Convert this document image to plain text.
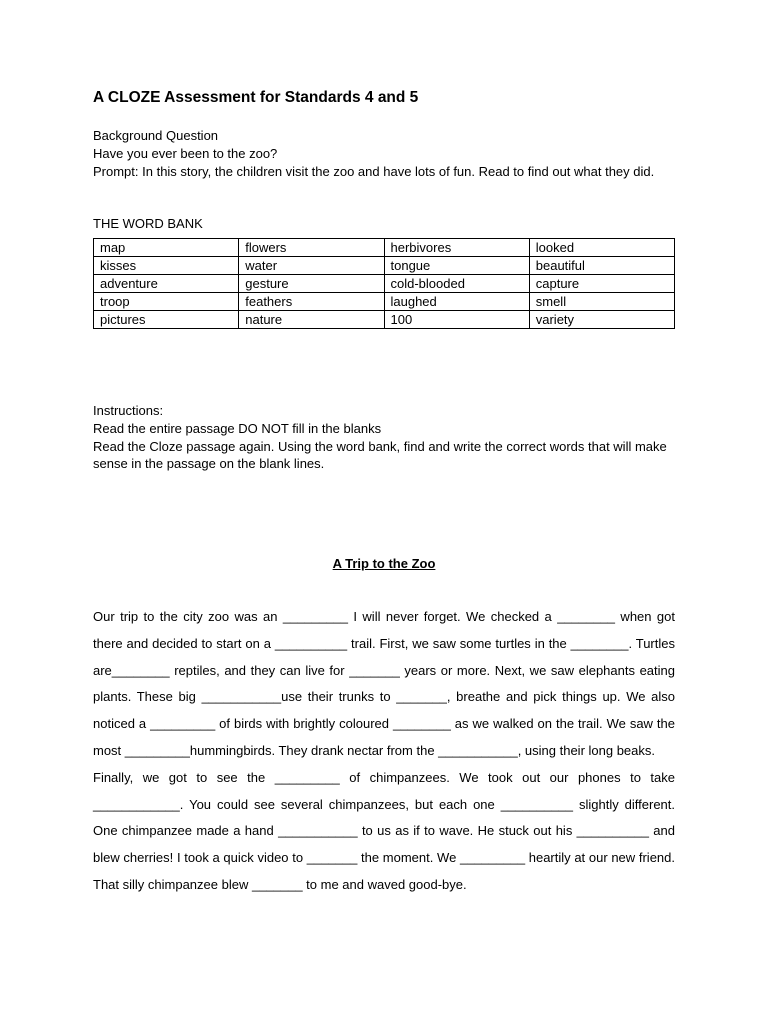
A CLOZE Assessment for Standards 4 and 5
Background Question
Have you ever been to the zoo?
Prompt: In this story, the children visit the zoo and have lots of fun. Read to find out what they did.
THE WORD BANK
map	flowers	herbivores	looked
kisses	water	tongue	beautiful
adventure	gesture	cold-blooded	capture
troop	feathers	laughed	smell
pictures	nature	100	variety
Instructions:
Read the entire passage DO NOT fill in the blanks
Read the Cloze passage again. Using the word bank, find and write the correct words that will make sense in the passage on the blank lines.
A Trip to the Zoo

Our trip to the city zoo was an _________ I will never forget. We checked a ________ when got there and decided to start on a __________ trail. First, we saw some turtles in the ________. Turtles are________ reptiles, and they can live for _______ years or more. Next, we saw elephants eating plants. These big ___________use their trunks to _______, breathe and pick things up. We also noticed a _________ of birds with brightly coloured ________ as we walked on the trail. We saw the most _________hummingbirds. They drank nectar from the ___________, using their long beaks.

Finally, we got to see the _________ of chimpanzees. We took out our phones to take ____________. You could see several chimpanzees, but each one __________ slightly different. One chimpanzee made a hand ___________ to us as if to wave. He stuck out his __________ and blew cherries! I took a quick video to _______ the moment. We _________ heartily at our new friend. That silly chimpanzee blew _______ to me and waved good-bye.
